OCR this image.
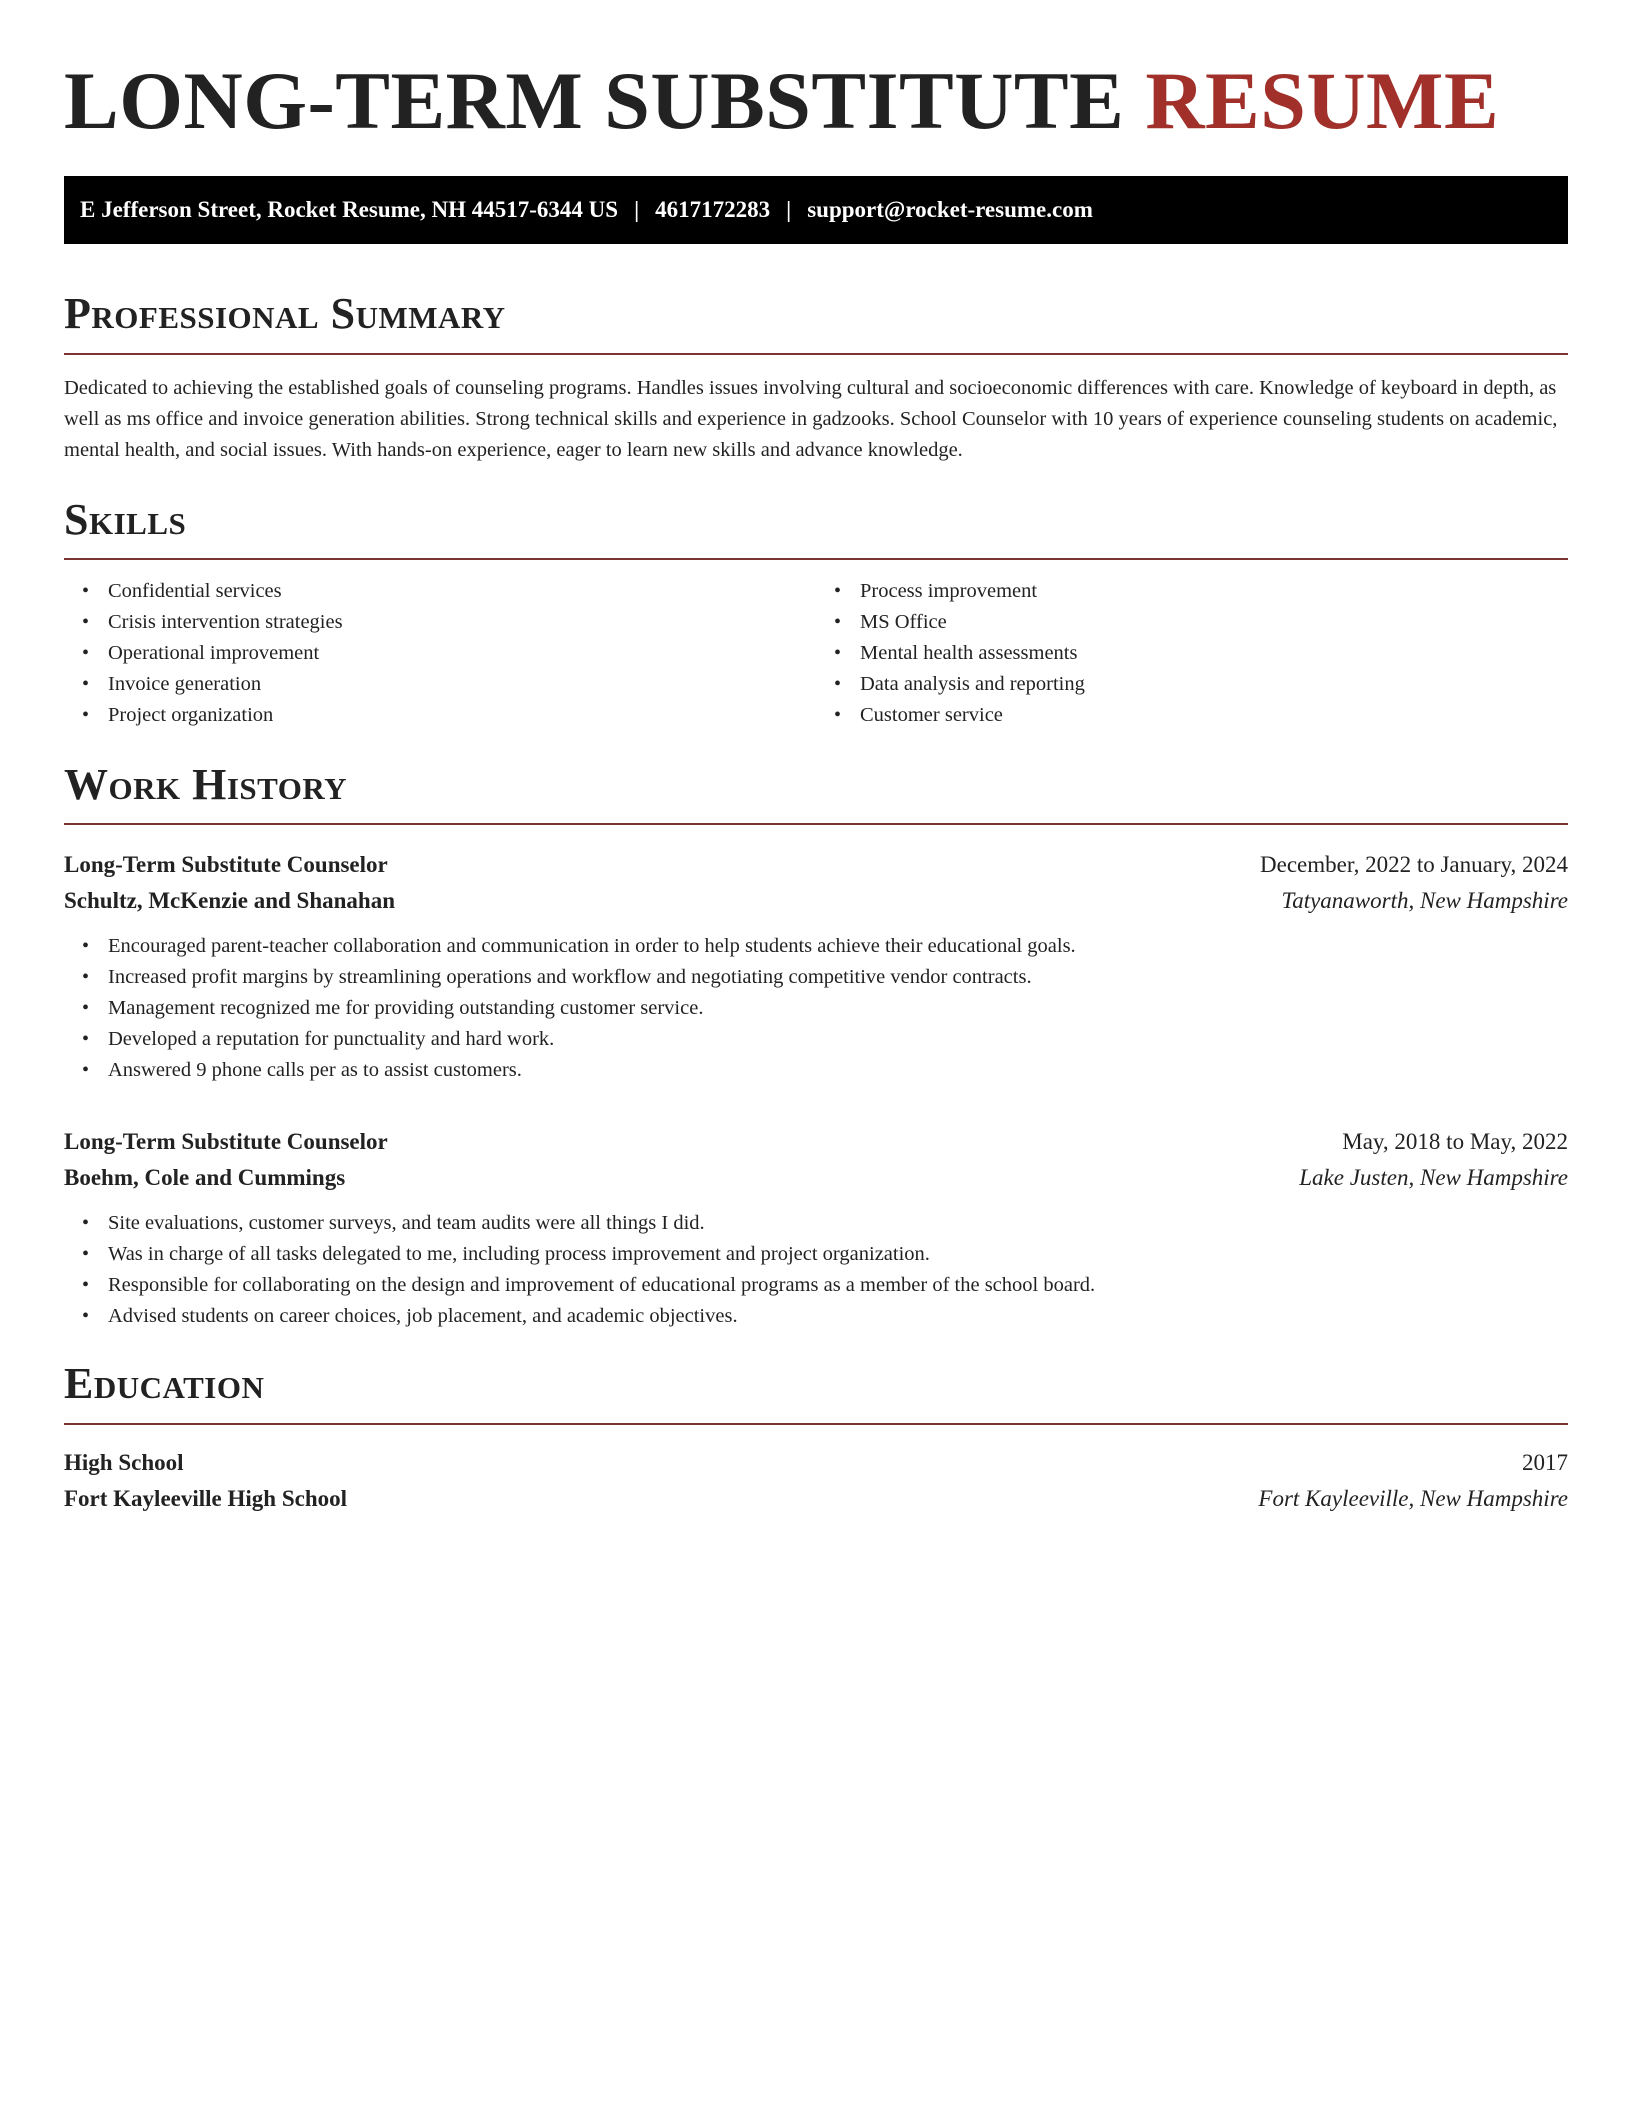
LONG-TERM SUBSTITUTE RESUME
E Jefferson Street, Rocket Resume, NH 44517-6344 US | 4617172283 | support@rocket-resume.com
Professional Summary

Dedicated to achieving the established goals of counseling programs. Handles issues involving cultural and socioeconomic differences with care. Knowledge of keyboard in depth, as well as ms office and invoice generation abilities. Strong technical skills and experience in gadzooks. School Counselor with 10 years of experience counseling students on academic, mental health, and social issues. With hands-on experience, eager to learn new skills and advance knowledge.

Skills
• Confidential services
• Crisis intervention strategies
• Operational improvement
• Invoice generation
• Project organization
• Process improvement
• MS Office
• Mental health assessments
• Data analysis and reporting
• Customer service
Work History
Long-Term Substitute Counselor	December, 2022 to January, 2024
Schultz, McKenzie and Shanahan	Tatyanaworth, New Hampshire
• Encouraged parent-teacher collaboration and communication in order to help students achieve their educational goals.
• Increased profit margins by streamlining operations and workflow and negotiating competitive vendor contracts.
• Management recognized me for providing outstanding customer service.
• Developed a reputation for punctuality and hard work.
• Answered 9 phone calls per as to assist customers.
Long-Term Substitute Counselor	May, 2018 to May, 2022
Boehm, Cole and Cummings	Lake Justen, New Hampshire
• Site evaluations, customer surveys, and team audits were all things I did.
• Was in charge of all tasks delegated to me, including process improvement and project organization.
• Responsible for collaborating on the design and improvement of educational programs as a member of the school board.
• Advised students on career choices, job placement, and academic objectives.
Education
High School	2017
Fort Kayleeville High School	Fort Kayleeville, New Hampshire
